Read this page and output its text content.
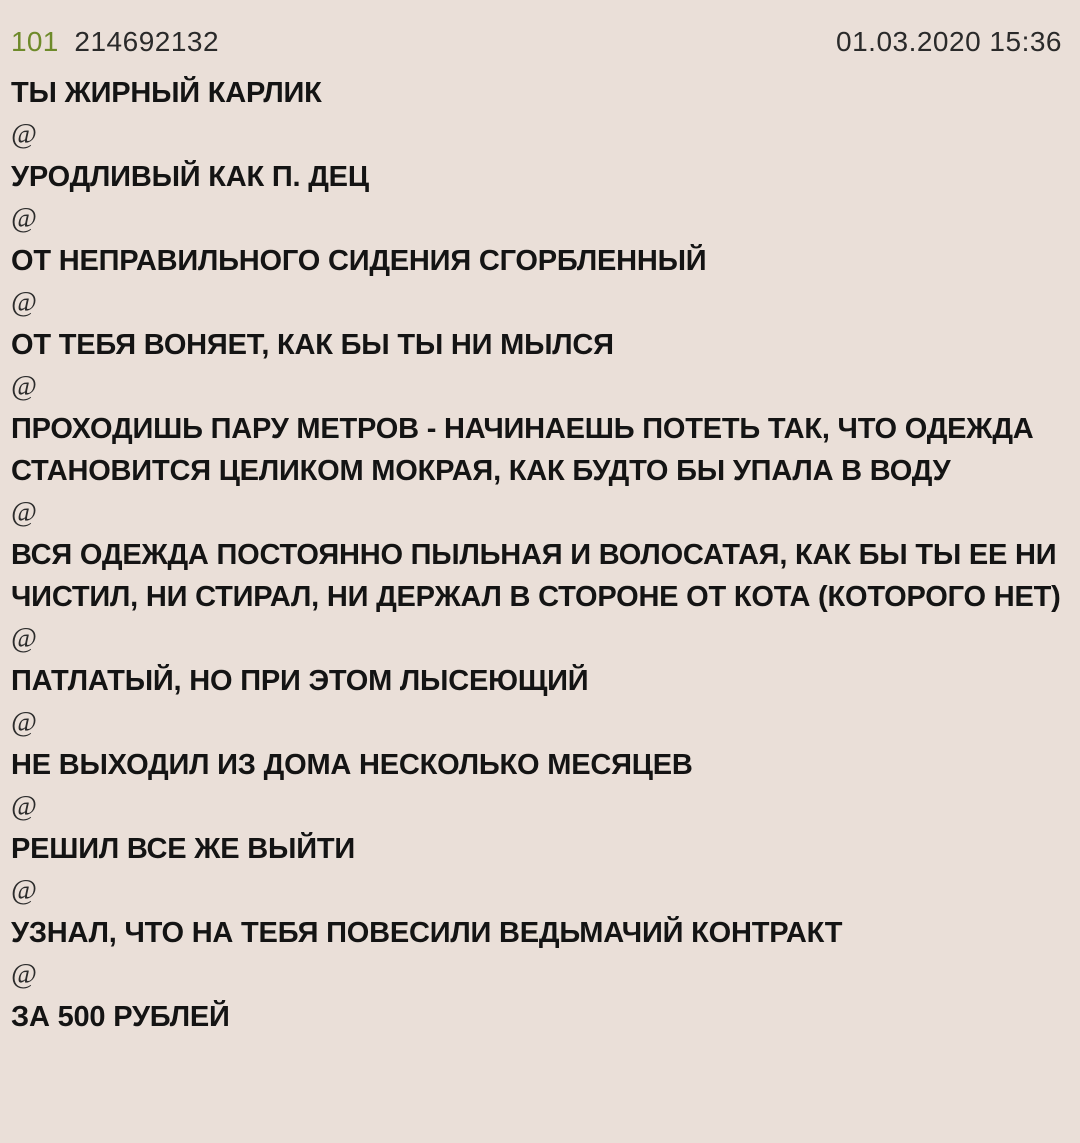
101 214692132	01.03.2020 15:36
ТЫ ЖИРНЫЙ КАРЛИК
@
УРОДЛИВЫЙ КАК П. ДЕЦ
@
ОТ НЕПРАВИЛЬНОГО СИДЕНИЯ СГОРБЛЕННЫЙ
@
ОТ ТЕБЯ ВОНЯЕТ, КАК БЫ ТЫ НИ МЫЛСЯ
@
ПРОХОДИШЬ ПАРУ МЕТРОВ - НАЧИНАЕШЬ ПОТЕТЬ ТАК, ЧТО ОДЕЖДА СТАНОВИТСЯ ЦЕЛИКОМ МОКРАЯ, КАК БУДТО БЫ УПАЛА В ВОДУ
@
ВСЯ ОДЕЖДА ПОСТОЯННО ПЫЛЬНАЯ И ВОЛОСАТАЯ, КАК БЫ ТЫ ЕЕ НИ ЧИСТИЛ, НИ СТИРАЛ, НИ ДЕРЖАЛ В СТОРОНЕ ОТ КОТА (КОТОРОГО НЕТ)
@
ПАТЛАТЫЙ, НО ПРИ ЭТОМ ЛЫСЕЮЩИЙ
@
НЕ ВЫХОДИЛ ИЗ ДОМА НЕСКОЛЬКО МЕСЯЦЕВ
@
РЕШИЛ ВСЕ ЖЕ ВЫЙТИ
@
УЗНАЛ, ЧТО НА ТЕБЯ ПОВЕСИЛИ ВЕДЬМАЧИЙ КОНТРАКТ
@
ЗА 500 РУБЛЕЙ
